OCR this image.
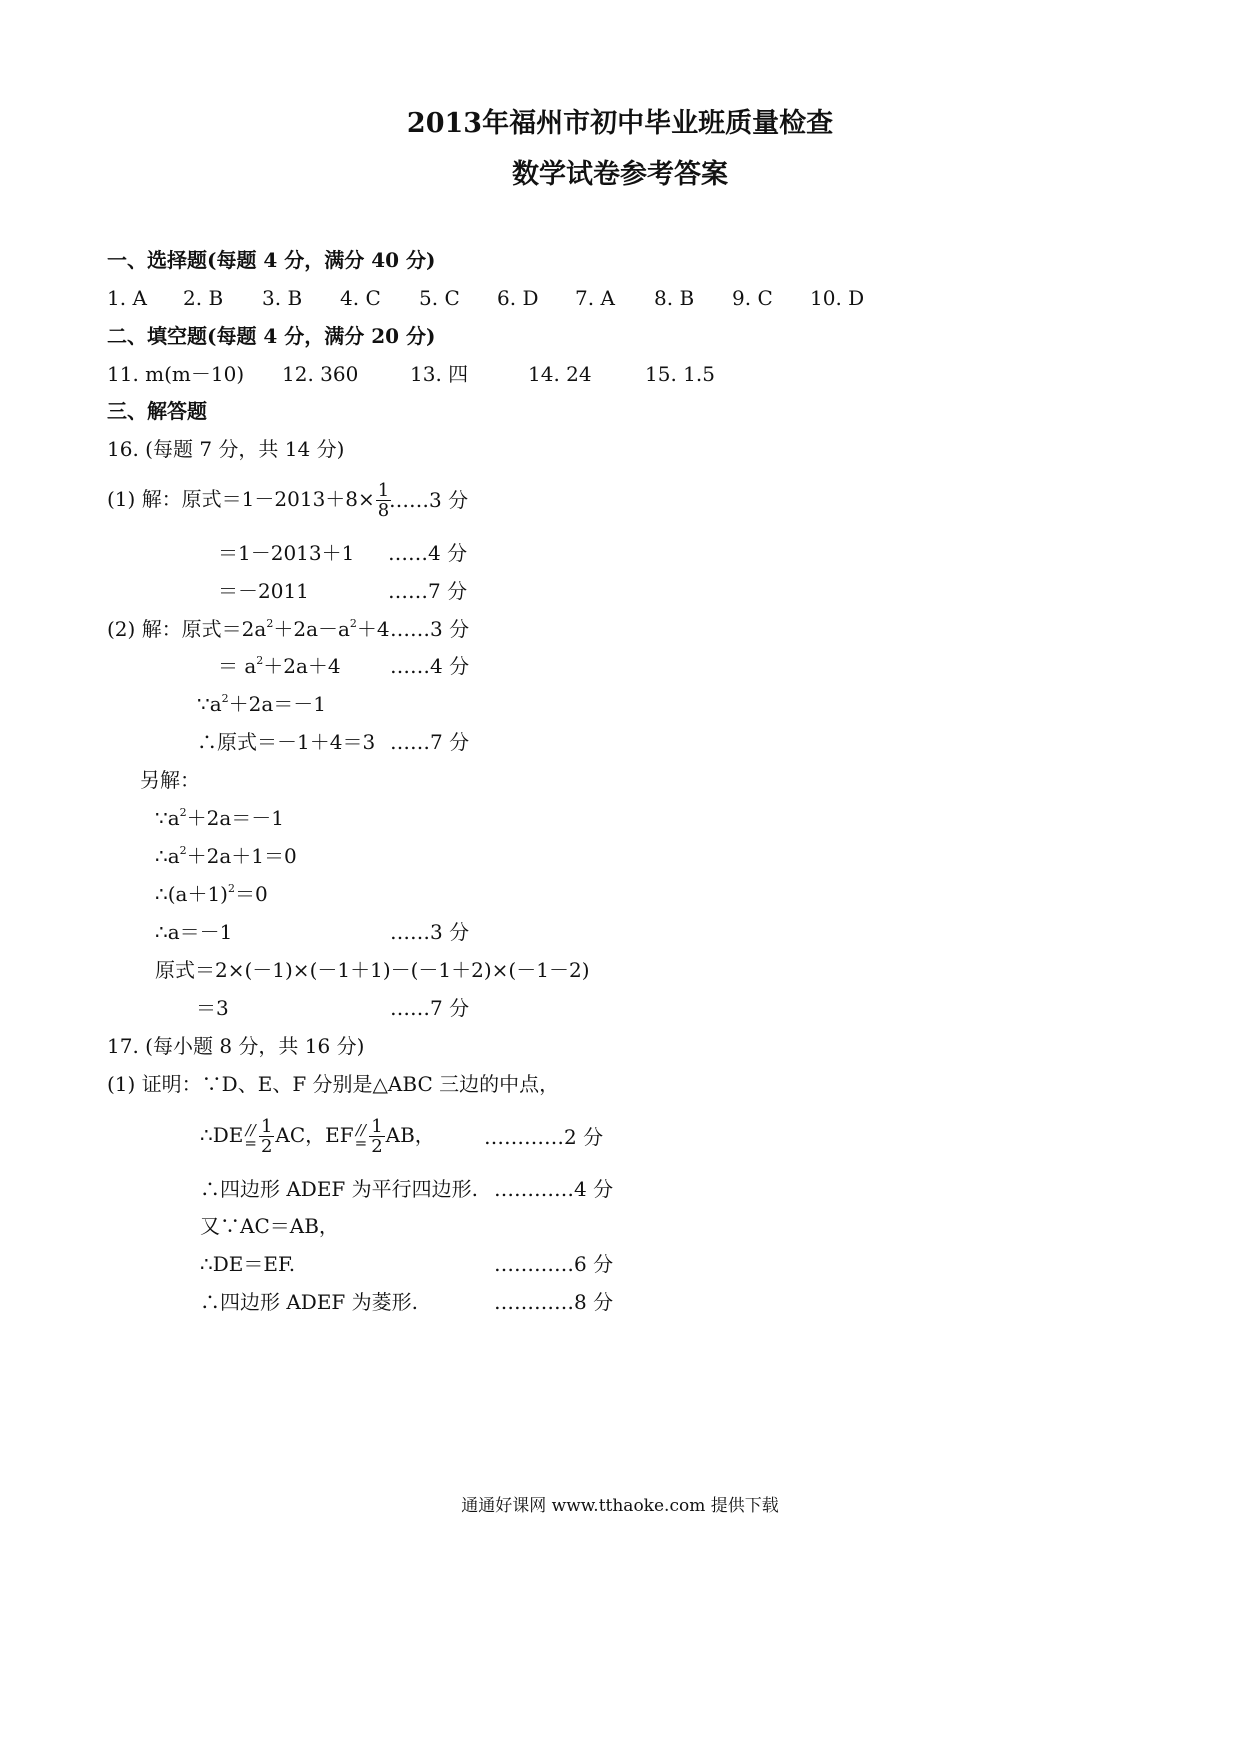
2013年福州市初中毕业班质量检查
数学试卷参考答案
一、选择题(每题 4 分，满分 40 分)
1. A 2. B 3. B 4. C 5. C 6. D 7. A 8. B 9. C 10. D
二、填空题(每题 4 分，满分 20 分)
11. m(m－10) 12. 360	13. 四	14. 24	15. 1.5
三、解答题
16. (每题 7 分，共 14 分)
(1) 解：原式$=1-2013+8\times \frac{1}{8}$
……3 分
＝1－2013＋1 ……4 分
＝－2011	……7 分
(2) 解：原式$=2a^2+2a-a^2+4$ ……3 分
＝ $a^2+2a+4$ ……4 分
$\because a^2+2a=-1$
∴原式＝－1＋4＝3 ……7 分
另解：
$\because a^2+2a=-1$
$\therefore a^2+2a+1=0$
$\therefore(a+1)^2=0$
∴a＝－1	……3 分
原式＝2×(－1)×(－1＋1)－(－1＋2)×(－1－2)
＝3	……7 分
17. (每小题 8 分，共 16 分)
(1) 证明：∵D、E、F 分别是△ABC 三边的中点，
∴DE //
= $\frac{1}{2}$ AC，EF //
= $\frac{1}{2}$ AB， …………2 分
∴四边形 ADEF 为平行四边形. …………4 分
又∵AC＝AB，
∴DE＝EF.	…………6 分
∴四边形 ADEF 为菱形.	…………8 分
通通好课网 www.tthaoke.com 提供下载
